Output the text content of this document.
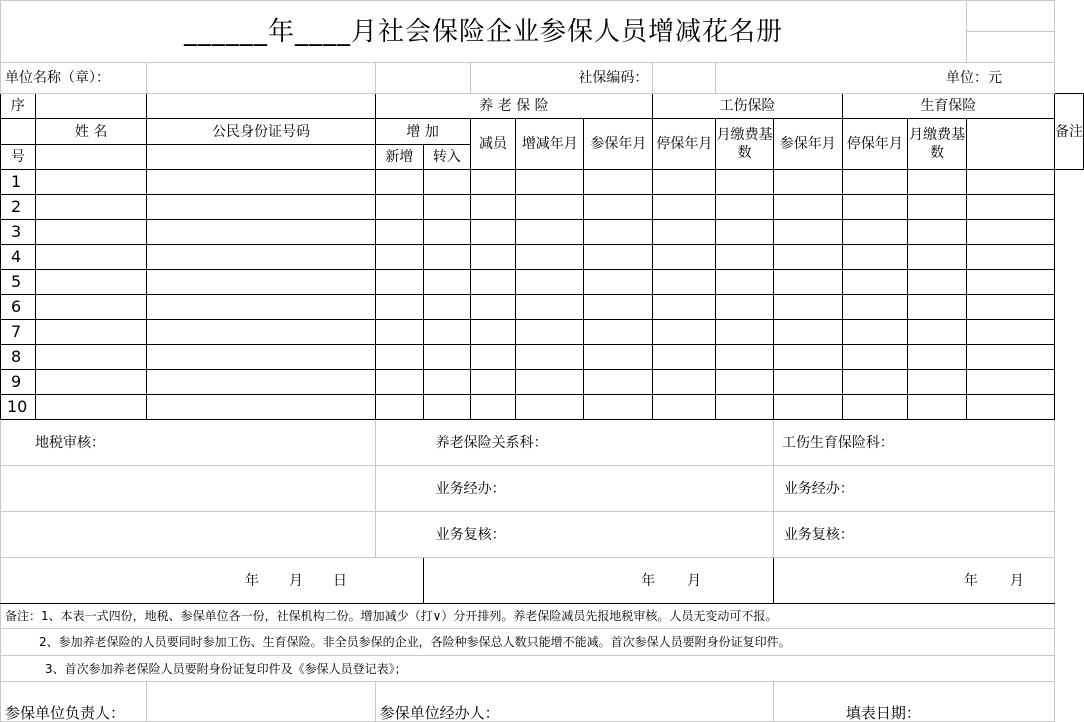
______年____月社会保险企业参保人员增减花名册														

单位名称（章）：					社保编码：				单位：元					
序			养 老 保 险					工伤保险			生育保险			备注
	姓 名	公民身份证号码	增 加		减员	增减年月	参保年月	停保年月	月缴费基数	参保年月	停保年月	月缴费基数		
号			新增	转入										
1														
2														
3														
4														
5														
6														
7														
8														
9														
10														
地税审核：			养老保险关系科：							工伤生育保险科：				
			业务经办：							业务经办：				
			业务复核：							业务复核：				
年 月 日				年 月						年 月				
备注：1、本表一式四份，地税、参保单位各一份，社保机构二份。增加减少（打∨）分开排列。养老保险减员先报地税审核。人员无变动可不报。														
2、参加养老保险的人员要同时参加工伤、生育保险。非全员参保的企业，各险种参保总人数只能增不能减。首次参保人员要附身份证复印件。														
3、首次参加养老保险人员要附身份证复印件及《参保人员登记表》；														
参保单位负责人：			参保单位经办人：							填表日期：				
